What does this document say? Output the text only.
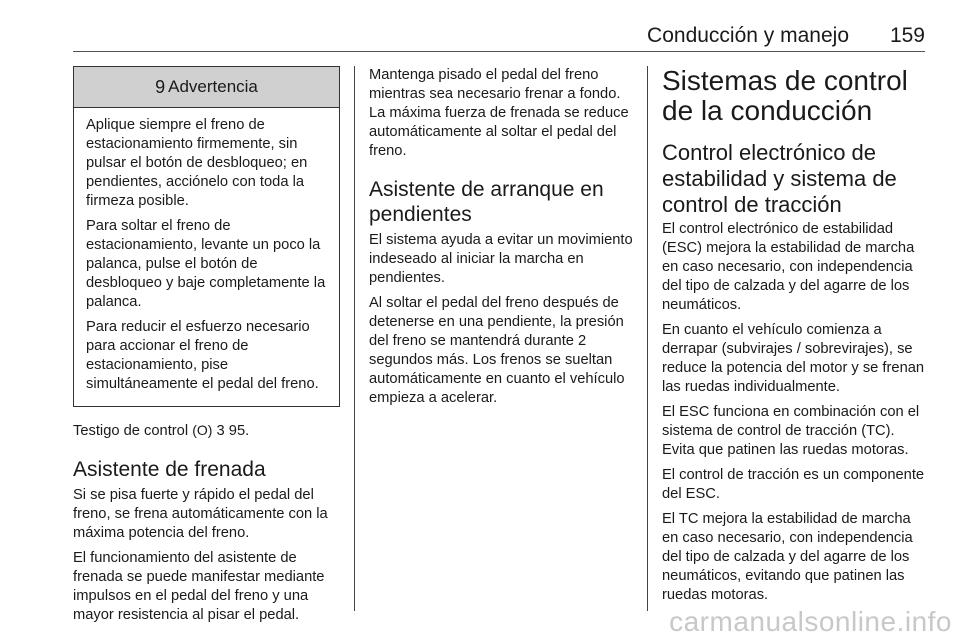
Conducción y manejo 159
9 Advertencia

Aplique siempre el freno de estacionamiento firmemente, sin pulsar el botón de desbloqueo; en pendientes, acciónelo con toda la firmeza posible.

Para soltar el freno de estacionamiento, levante un poco la palanca, pulse el botón de desbloqueo y baje completamente la palanca.

Para reducir el esfuerzo necesario para accionar el freno de estacionamiento, pise simultáneamente el pedal del freno.

Testigo de control (O) 3 95.

Asistente de frenada

Si se pisa fuerte y rápido el pedal del freno, se frena automáticamente con la máxima potencia del freno.

El funcionamiento del asistente de frenada se puede manifestar mediante impulsos en el pedal del freno y una mayor resistencia al pisar el pedal.

Mantenga pisado el pedal del freno mientras sea necesario frenar a fondo. La máxima fuerza de frenada se reduce automáticamente al soltar el pedal del freno.

Asistente de arranque en pendientes

El sistema ayuda a evitar un movimiento indeseado al iniciar la marcha en pendientes.

Al soltar el pedal del freno después de detenerse en una pendiente, la presión del freno se mantendrá durante 2 segundos más. Los frenos se sueltan automáticamente en cuanto el vehículo empieza a acelerar.

Sistemas de control de la conducción
Control electrónico de estabilidad y sistema de control de tracción

El control electrónico de estabilidad (ESC) mejora la estabilidad de marcha en caso necesario, con independencia del tipo de calzada y del agarre de los neumáticos.

En cuanto el vehículo comienza a derrapar (subvirajes / sobrevirajes), se reduce la potencia del motor y se frenan las ruedas individualmente.

El ESC funciona en combinación con el sistema de control de tracción (TC). Evita que patinen las ruedas motoras.

El control de tracción es un componente del ESC.

El TC mejora la estabilidad de marcha en caso necesario, con independencia del tipo de calzada y del agarre de los neumáticos, evitando que patinen las ruedas motoras.

carmanualsonline.info
